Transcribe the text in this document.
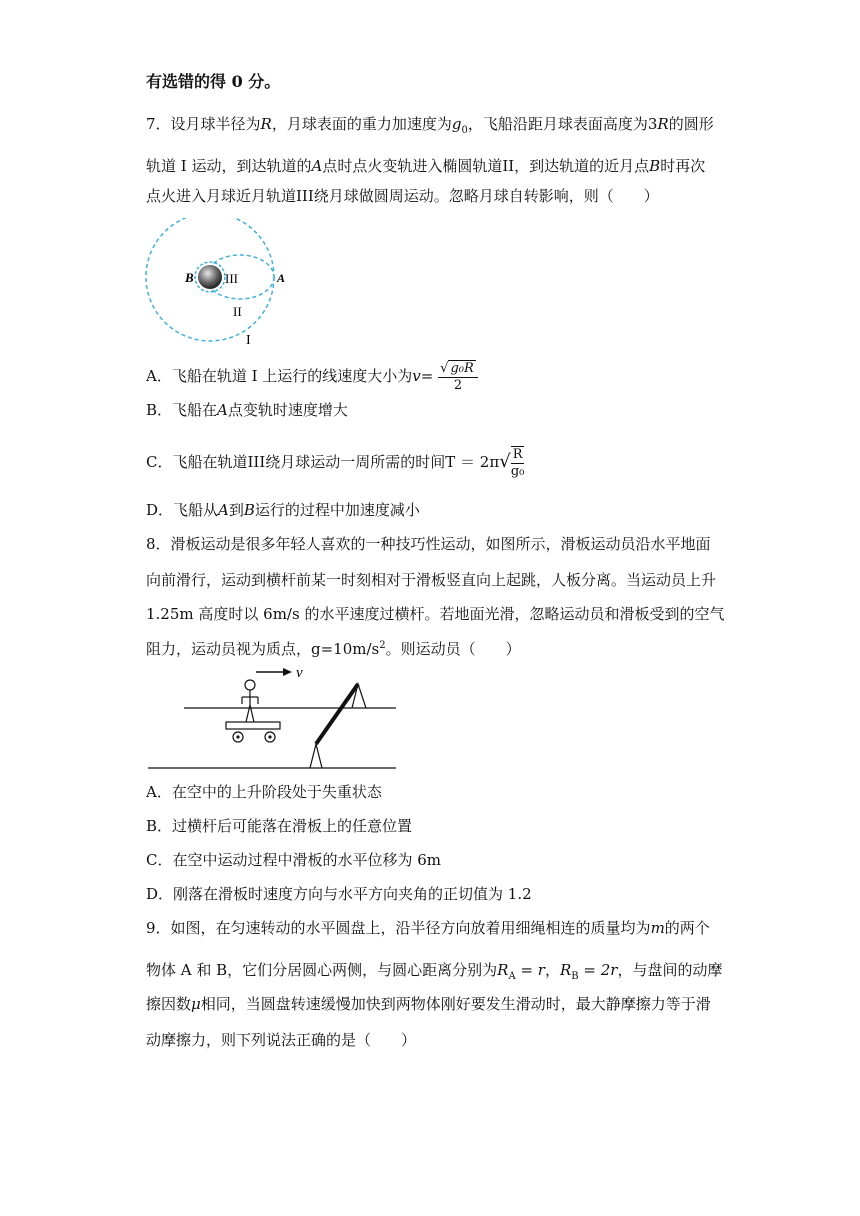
有选错的得 0 分。
7．设月球半径为R，月球表面的重力加速度为$g_0$，飞船沿距月球表面高度为3R的圆形
轨道 I 运动，到达轨道的A点时点火变轨进入椭圆轨道II，到达轨道的近月点B时再次
点火进入月球近月轨道III绕月球做圆周运动。忽略月球自转影响，则（　　）
B III	A
II
I
A．飞船在轨道 I 上运行的线速度大小为$v= \frac{\text{√ g₀R}}{2}$
B．飞船在A点变轨时速度增大
C．飞船在轨道III绕月球运动一周所需的时间$T = 2\pi√ \frac{R}{\text{g₀}}$
D．飞船从A到B运行的过程中加速度减小
8．滑板运动是很多年轻人喜欢的一种技巧性运动，如图所示，滑板运动员沿水平地面
向前滑行，运动到横杆前某一时刻相对于滑板竖直向上起跳，人板分离。当运动员上升
1.25m 高度时以 6m/s 的水平速度过横杆。若地面光滑，忽略运动员和滑板受到的空气
阻力，运动员视为质点，$g=10m/s^2$。则运动员（　　）
v
A．在空中的上升阶段处于失重状态
B．过横杆后可能落在滑板上的任意位置
C．在空中运动过程中滑板的水平位移为 6m
D．刚落在滑板时速度方向与水平方向夹角的正切值为 1.2
9．如图，在匀速转动的水平圆盘上，沿半径方向放着用细绳相连的质量均为m的两个
物体 A 和 B，它们分居圆心两侧，与圆心距离分别为$R_A = r$，$R_B = 2r$，与盘间的动摩
擦因数μ相同，当圆盘转速缓慢加快到两物体刚好要发生滑动时，最大静摩擦力等于滑
动摩擦力，则下列说法正确的是（　　）
